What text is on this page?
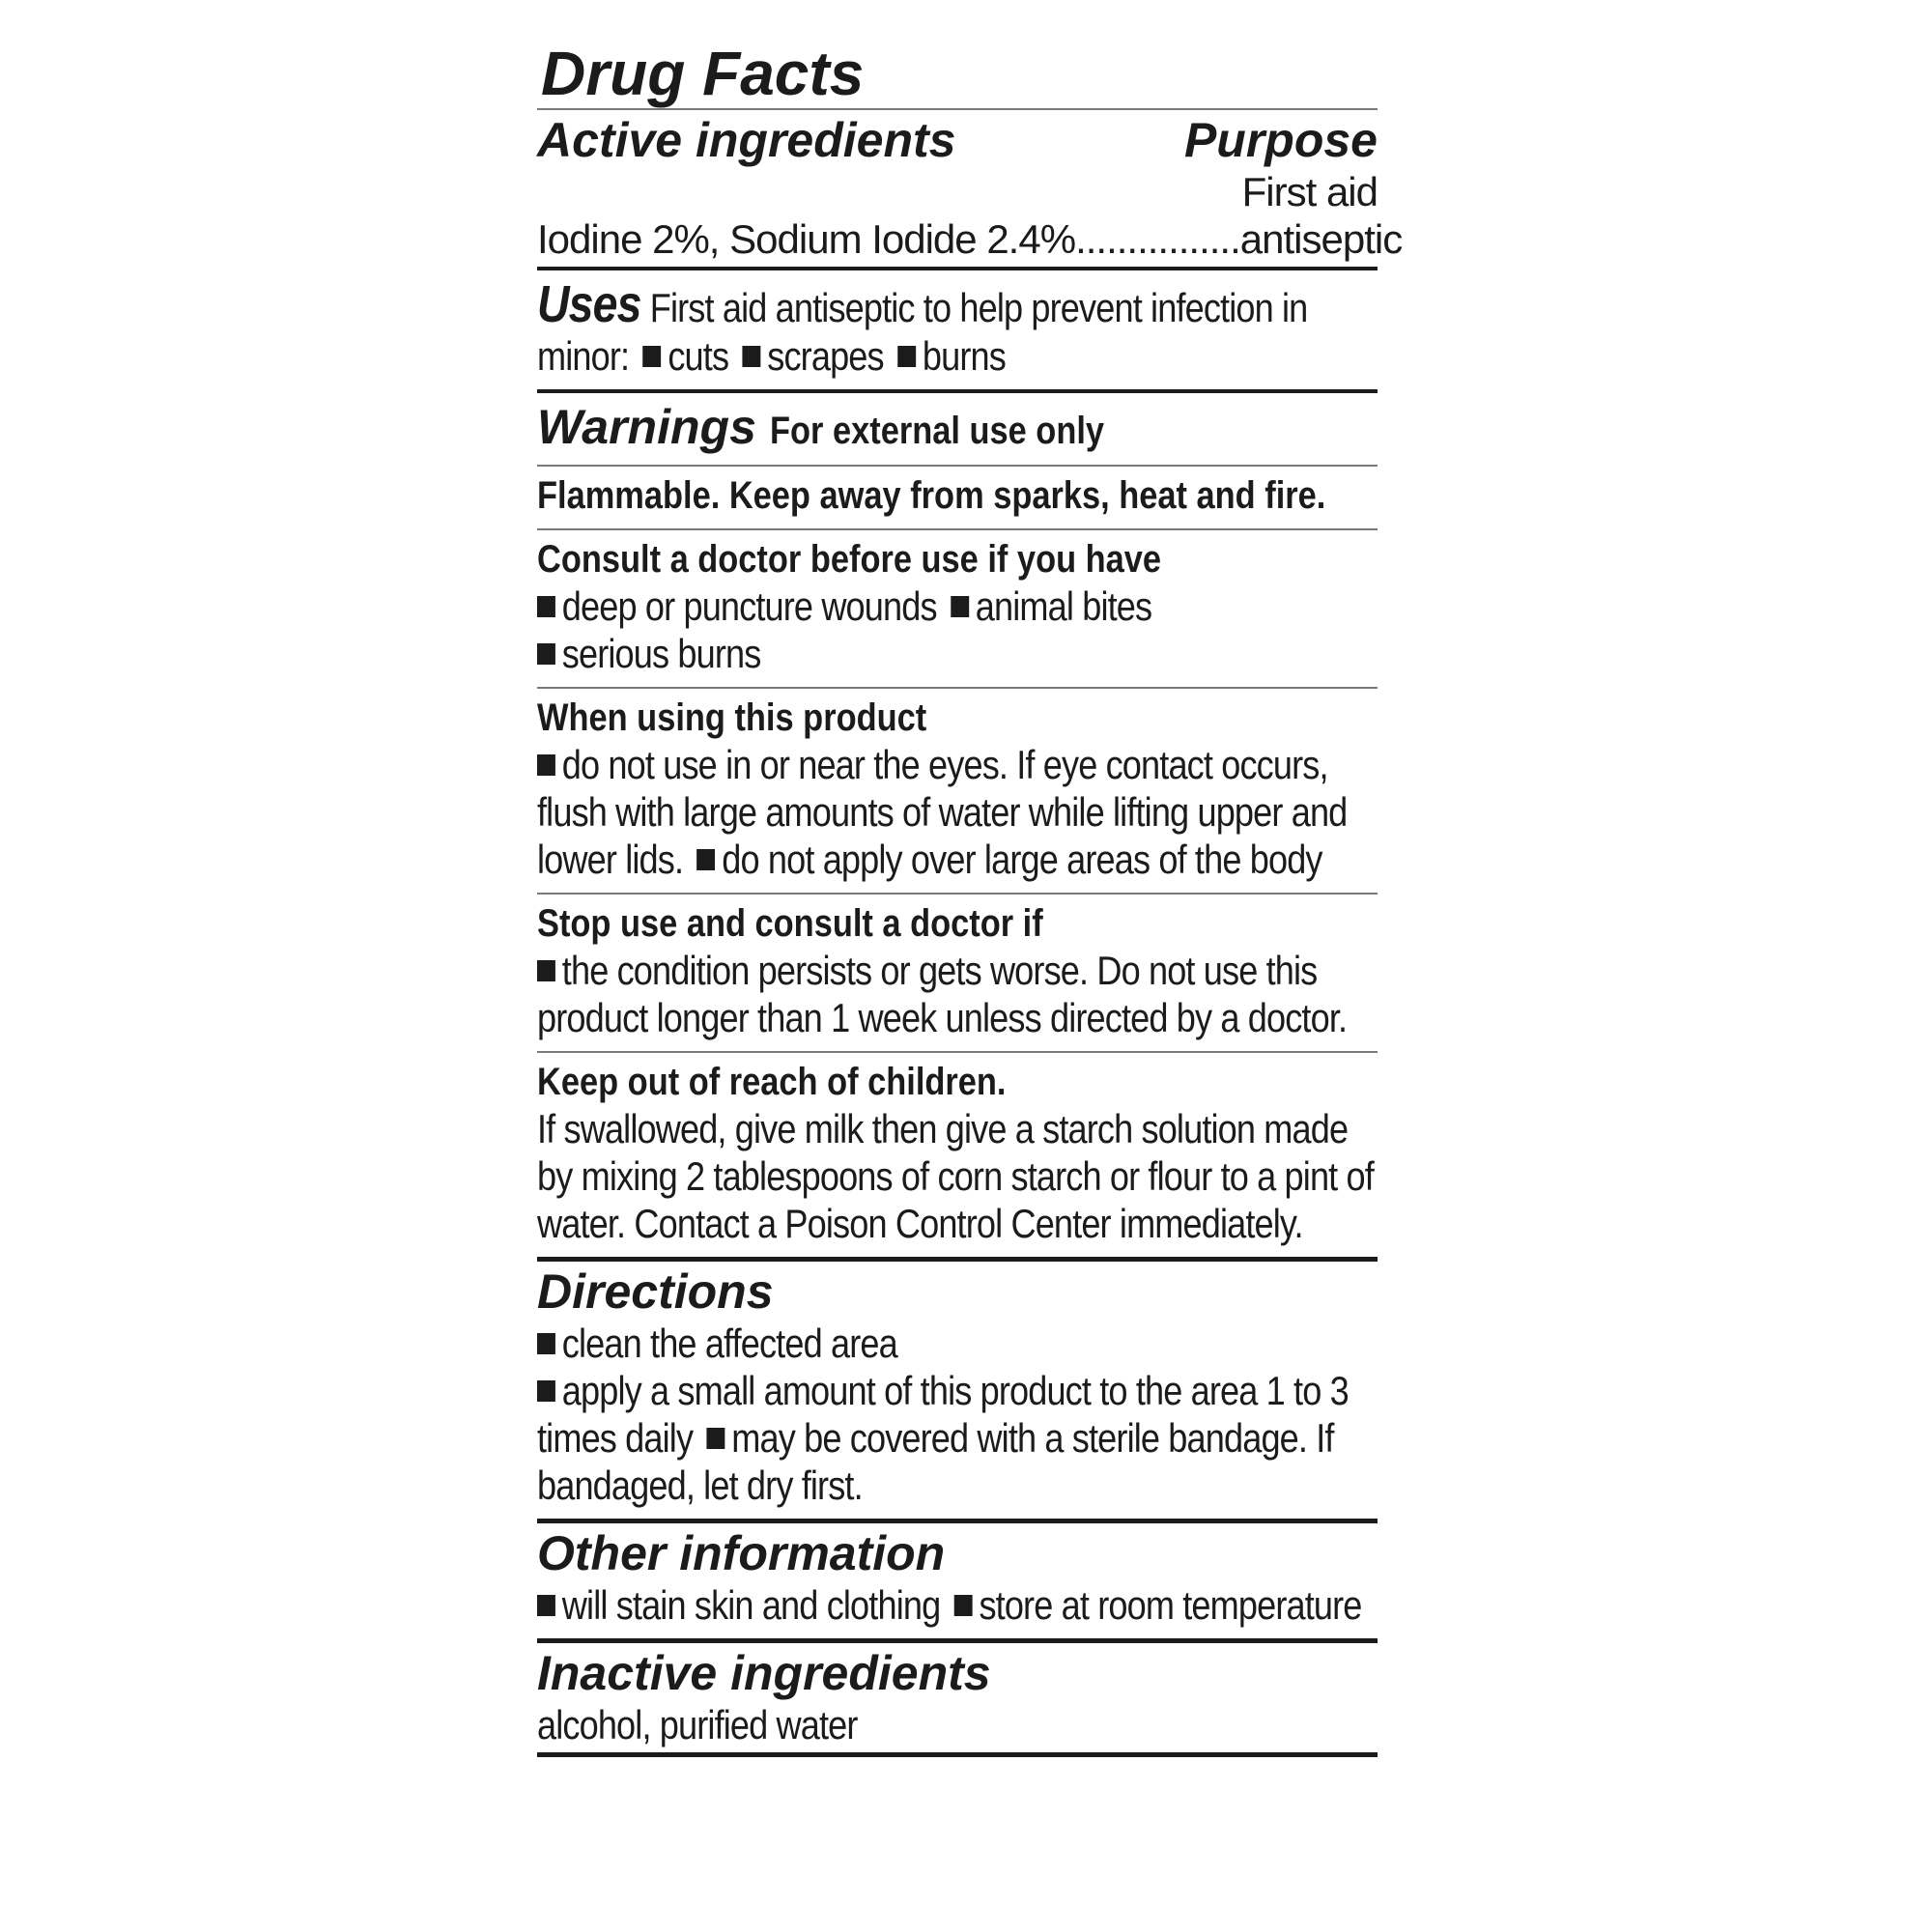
Drug Facts
Active ingredients	Purpose
First aid
Iodine 2%, Sodium Iodide 2.4% ................ antiseptic
Uses First aid antiseptic to help prevent infection in minor: cuts scrapes burns
Warnings For external use only
Flammable. Keep away from sparks, heat and fire.
Consult a doctor before use if you have
deep or puncture wounds animal bites
serious burns
When using this product
do not use in or near the eyes. If eye contact occurs, flush with large amounts of water while lifting upper and lower lids. do not apply over large areas of the body
Stop use and consult a doctor if
the condition persists or gets worse. Do not use this product longer than 1 week unless directed by a doctor.
Keep out of reach of children.
If swallowed, give milk then give a starch solution made by mixing 2 tablespoons of corn starch or flour to a pint of water. Contact a Poison Control Center immediately.
Directions
clean the affected area
apply a small amount of this product to the area 1 to 3 times daily may be covered with a sterile bandage. If bandaged, let dry first.
Other information
will stain skin and clothing store at room temperature
Inactive ingredients
alcohol, purified water
